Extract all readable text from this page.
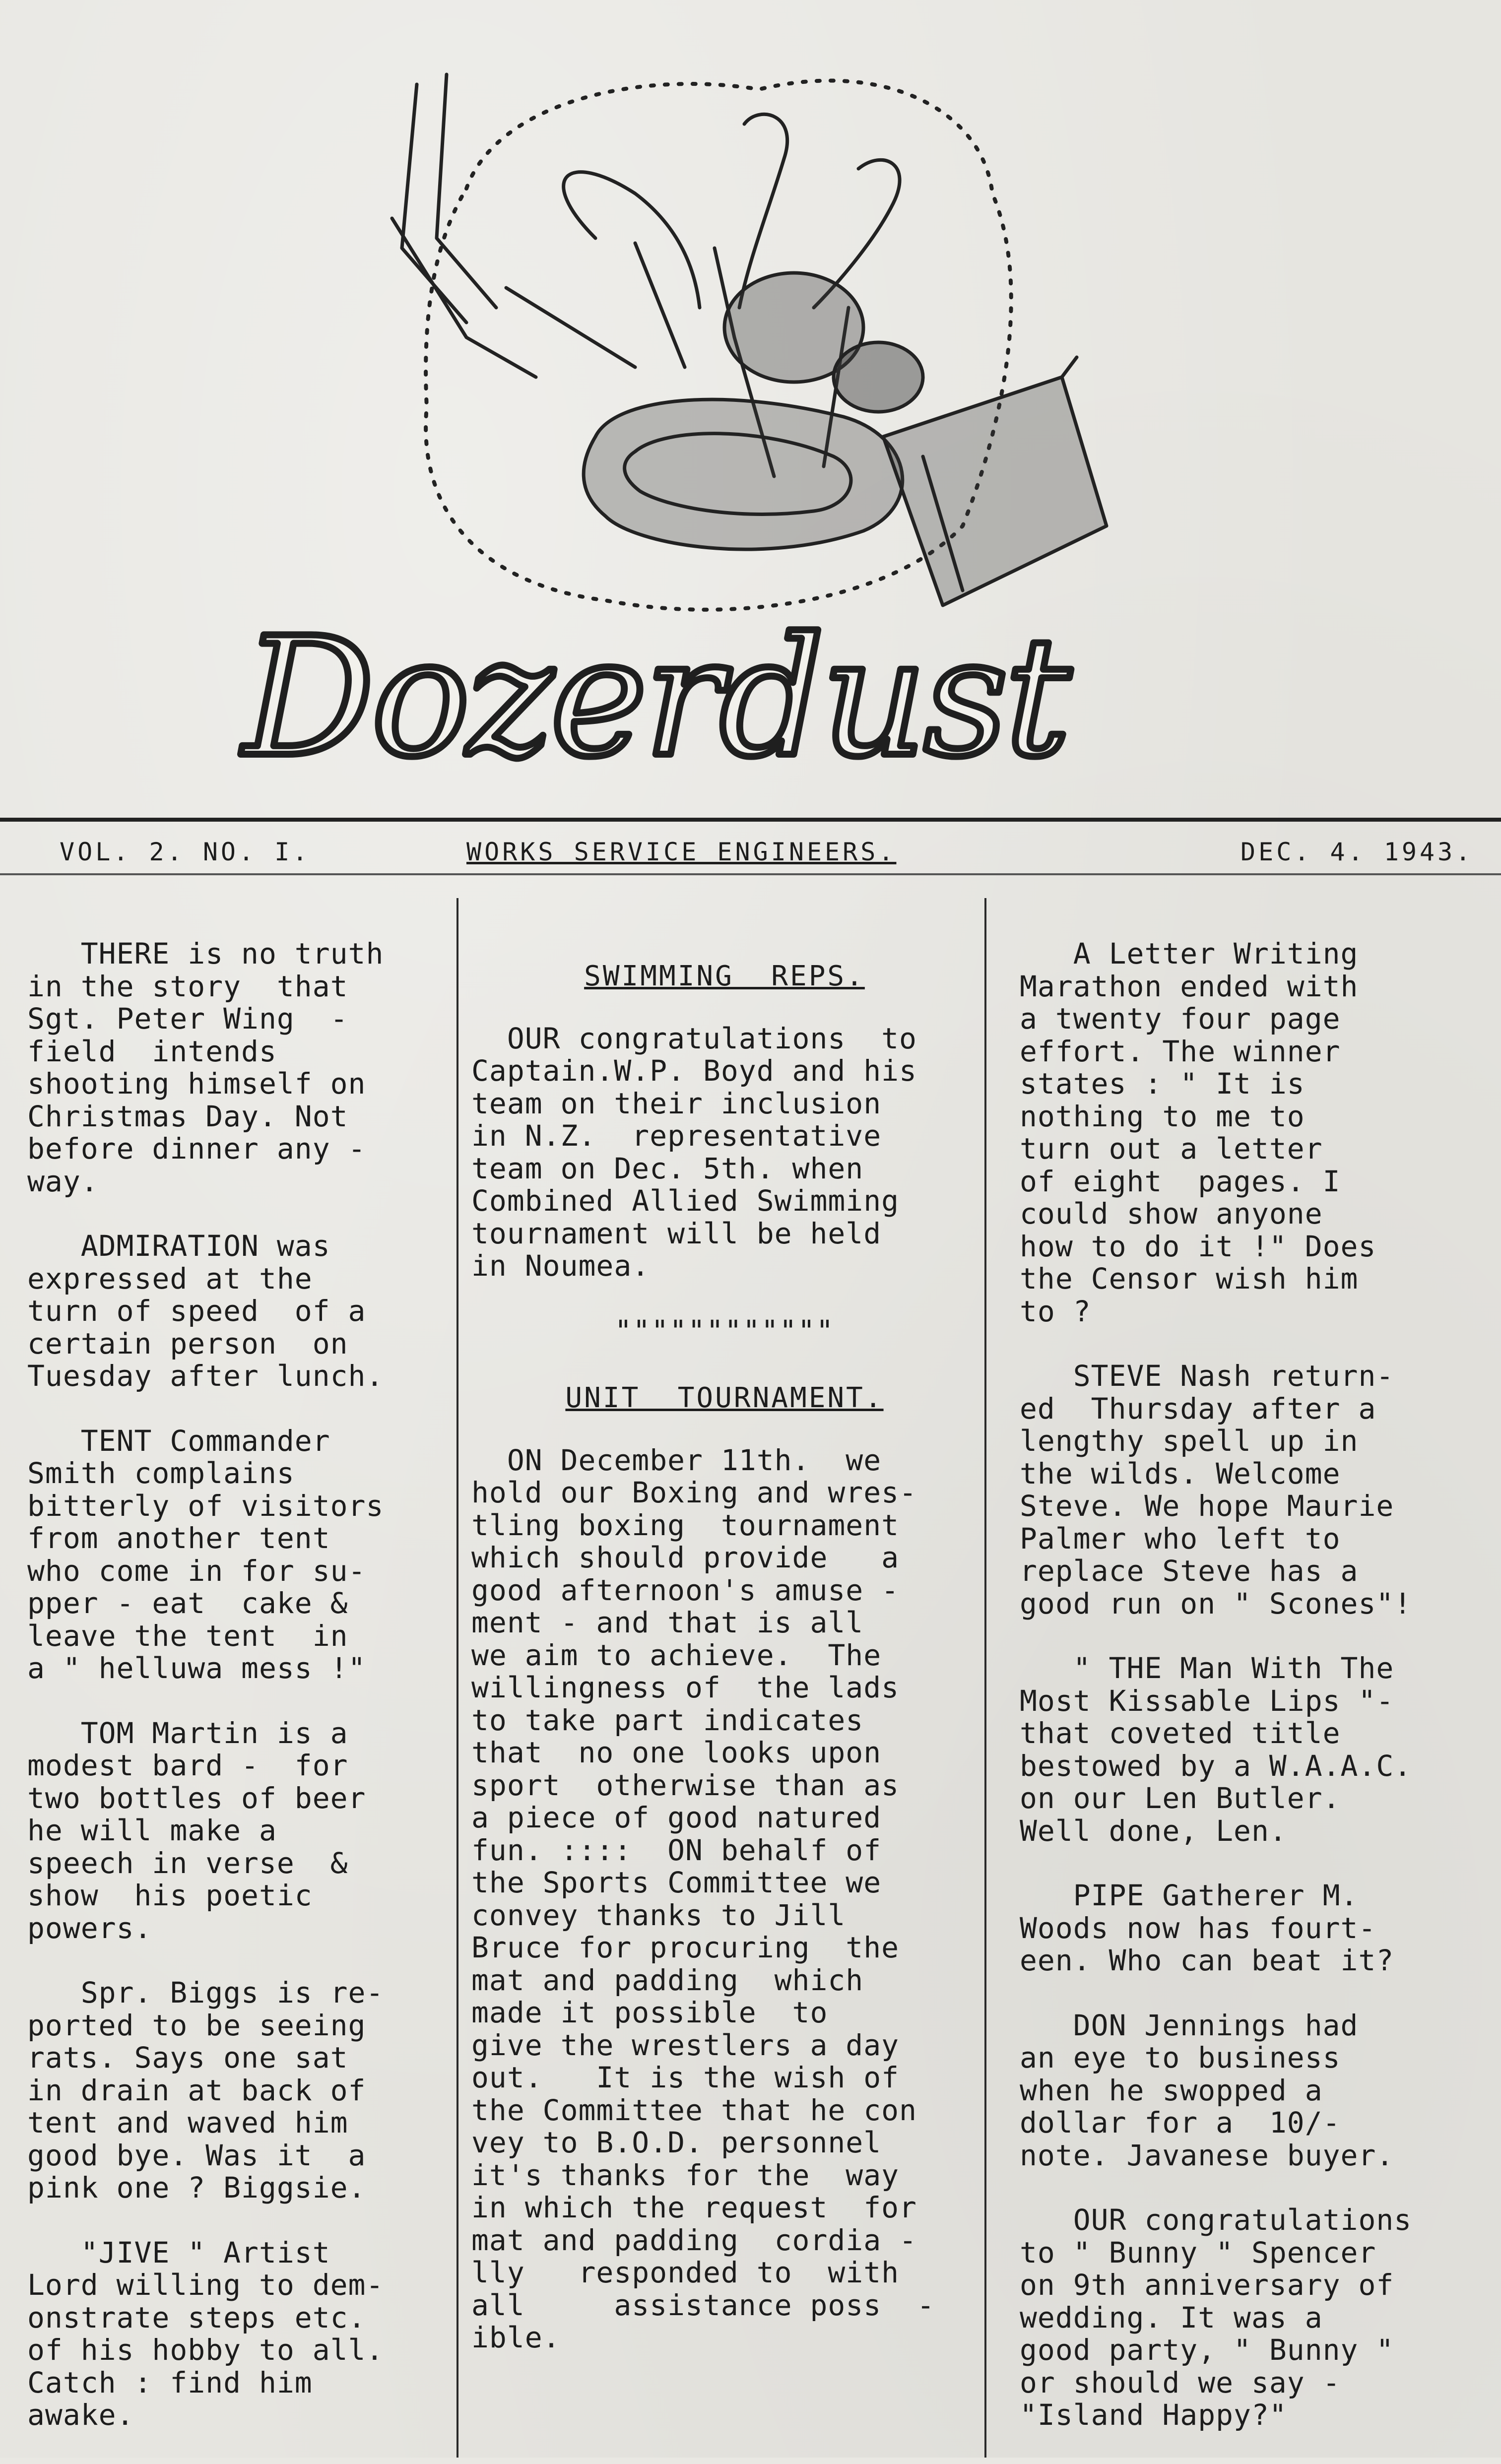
Dozerdust
VOL. 2. NO. I.	WORKS SERVICE ENGINEERS.	DEC. 4. 1943.

THERE is no truth
in the story  that
Sgt. Peter Wing  -
field  intends
shooting himself on
Christmas Day. Not
before dinner any -
way.

ADMIRATION was
expressed at the
turn of speed  of a
certain person  on
Tuesday after lunch.

TENT Commander
Smith complains
bitterly of visitors
from another tent
who come in for su-
pper - eat  cake &
leave the tent  in
a " helluwa mess !"

TOM Martin is a
modest bard -  for
two bottles of beer
he will make a
speech in verse  &
show  his poetic
powers.

Spr. Biggs is re-
ported to be seeing
rats. Says one sat
in drain at back of
tent and waved him
good bye. Was it  a
pink one ? Biggsie.

"JIVE " Artist
Lord willing to dem-
onstrate steps etc.
of his hobby to all.
Catch : find him
awake.

SWIMMING  REPS.

OUR congratulations  to
Captain.W.P. Boyd and his
team on their inclusion
in N.Z.  representative
team on Dec. 5th. when
Combined Allied Swimming
tournament will be held
in Noumea.

""""""""""""
UNIT  TOURNAMENT.

ON December 11th.  we
hold our Boxing and wres-
tling boxing  tournament
which should provide   a
good afternoon's amuse -
ment - and that is all
we aim to achieve.  The
willingness of  the lads
to take part indicates
that  no one looks upon
sport  otherwise than as
a piece of good natured
fun. ::::  ON behalf of
the Sports Committee we
convey thanks to Jill
Bruce for procuring  the
mat and padding  which
made it possible  to
give the wrestlers a day
out.   It is the wish of
the Committee that he con
vey to B.O.D. personnel
it's thanks for the  way
in which the request  for
mat and padding  cordia -
lly   responded to  with
all     assistance poss  -
ible.

A Letter Writing
Marathon ended with
a twenty four page
effort. The winner
states : " It is
nothing to me to
turn out a letter
of eight  pages. I
could show anyone
how to do it !" Does
the Censor wish him
to ?

STEVE Nash return-
ed  Thursday after a
lengthy spell up in
the wilds. Welcome
Steve. We hope Maurie
Palmer who left to
replace Steve has a
good run on " Scones"!

" THE Man With The
Most Kissable Lips "-
that coveted title
bestowed by a W.A.A.C.
on our Len Butler.
Well done, Len.

PIPE Gatherer M.
Woods now has fourt-
een. Who can beat it?

DON Jennings had
an eye to business
when he swopped a
dollar for a  10/-
note. Javanese buyer.

OUR congratulations
to " Bunny " Spencer
on 9th anniversary of
wedding. It was a
good party, " Bunny "
or should we say -
"Island Happy?"
